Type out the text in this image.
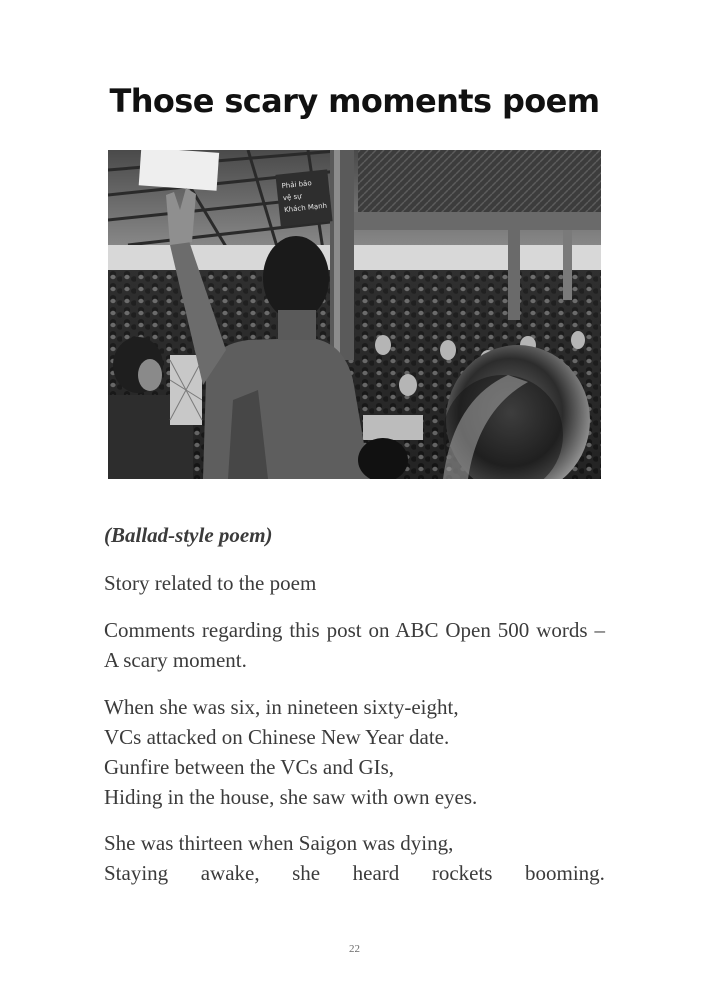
Those scary moments poem
Phải bảo
vệ sự
Khách Mạnh
(Ballad-style poem)
Story related to the poem
Comments regarding this post on ABC Open 500 words – A scary moment.
When she was six, in nineteen sixty-eight,
VCs attacked on Chinese New Year date.
Gunfire between the VCs and GIs,
Hiding in the house, she saw with own eyes.
She was thirteen when Saigon was dying,
Staying awake, she heard rockets booming.
22
